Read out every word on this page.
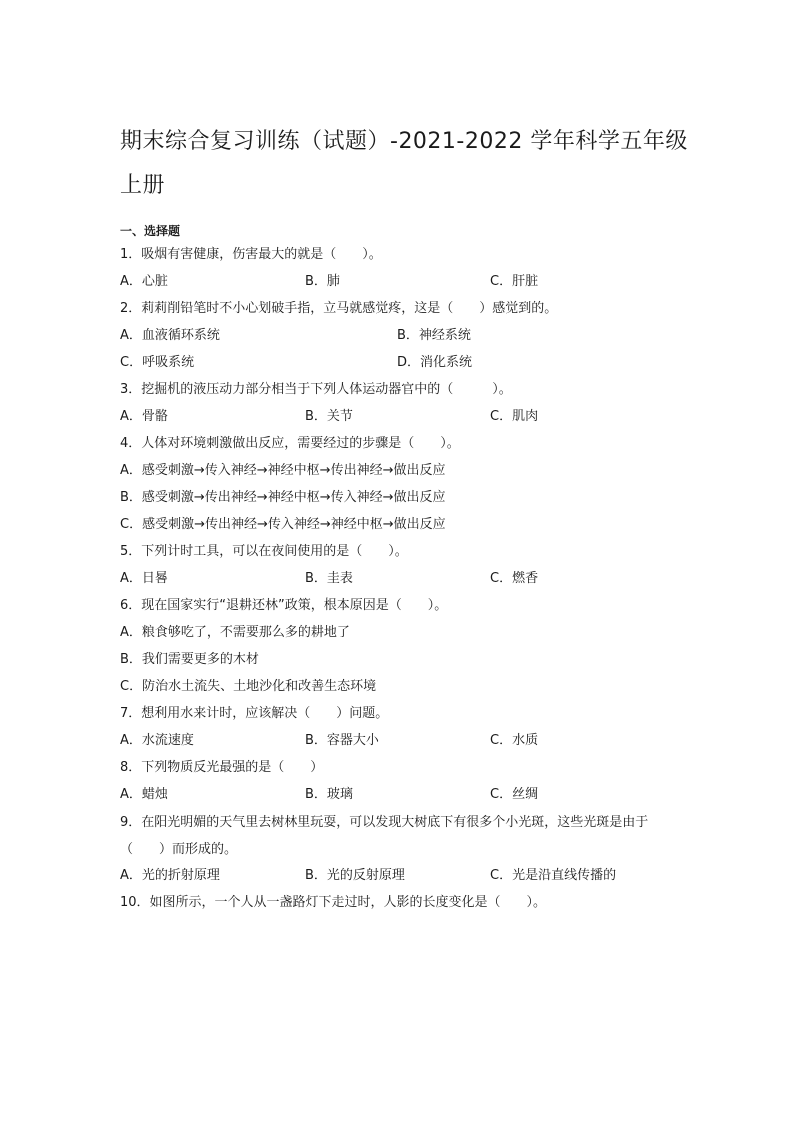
期末综合复习训练（试题）-2021-2022 学年科学五年级上册
一、选择题
1．吸烟有害健康，伤害最大的就是（　　）。
A．心脏	B．肺	C．肝脏
2．莉莉削铅笔时不小心划破手指，立马就感觉疼，这是（　　）感觉到的。
A．血液循环系统	B．神经系统
C．呼吸系统	D．消化系统
3．挖掘机的液压动力部分相当于下列人体运动器官中的（　　　）。
A．骨骼	B．关节	C．肌肉
4．人体对环境刺激做出反应，需要经过的步骤是（　　）。
A．感受刺激→传入神经→神经中枢→传出神经→做出反应
B．感受刺激→传出神经→神经中枢→传入神经→做出反应
C．感受刺激→传出神经→传入神经→神经中枢→做出反应
5．下列计时工具，可以在夜间使用的是（　　）。
A．日晷	B．圭表	C．燃香
6．现在国家实行“退耕还林”政策，根本原因是（　　）。
A．粮食够吃了，不需要那么多的耕地了
B．我们需要更多的木材
C．防治水土流失、土地沙化和改善生态环境
7．想利用水来计时，应该解决（　　）问题。
A．水流速度	B．容器大小	C．水质
8．下列物质反光最强的是（　　）
A．蜡烛	B．玻璃	C．丝绸
9．在阳光明媚的天气里去树林里玩耍，可以发现大树底下有很多个小光斑，这些光斑是由于（　　）而形成的。
A．光的折射原理	B．光的反射原理	C．光是沿直线传播的
10．如图所示，一个人从一盏路灯下走过时，人影的长度变化是（　　）。
